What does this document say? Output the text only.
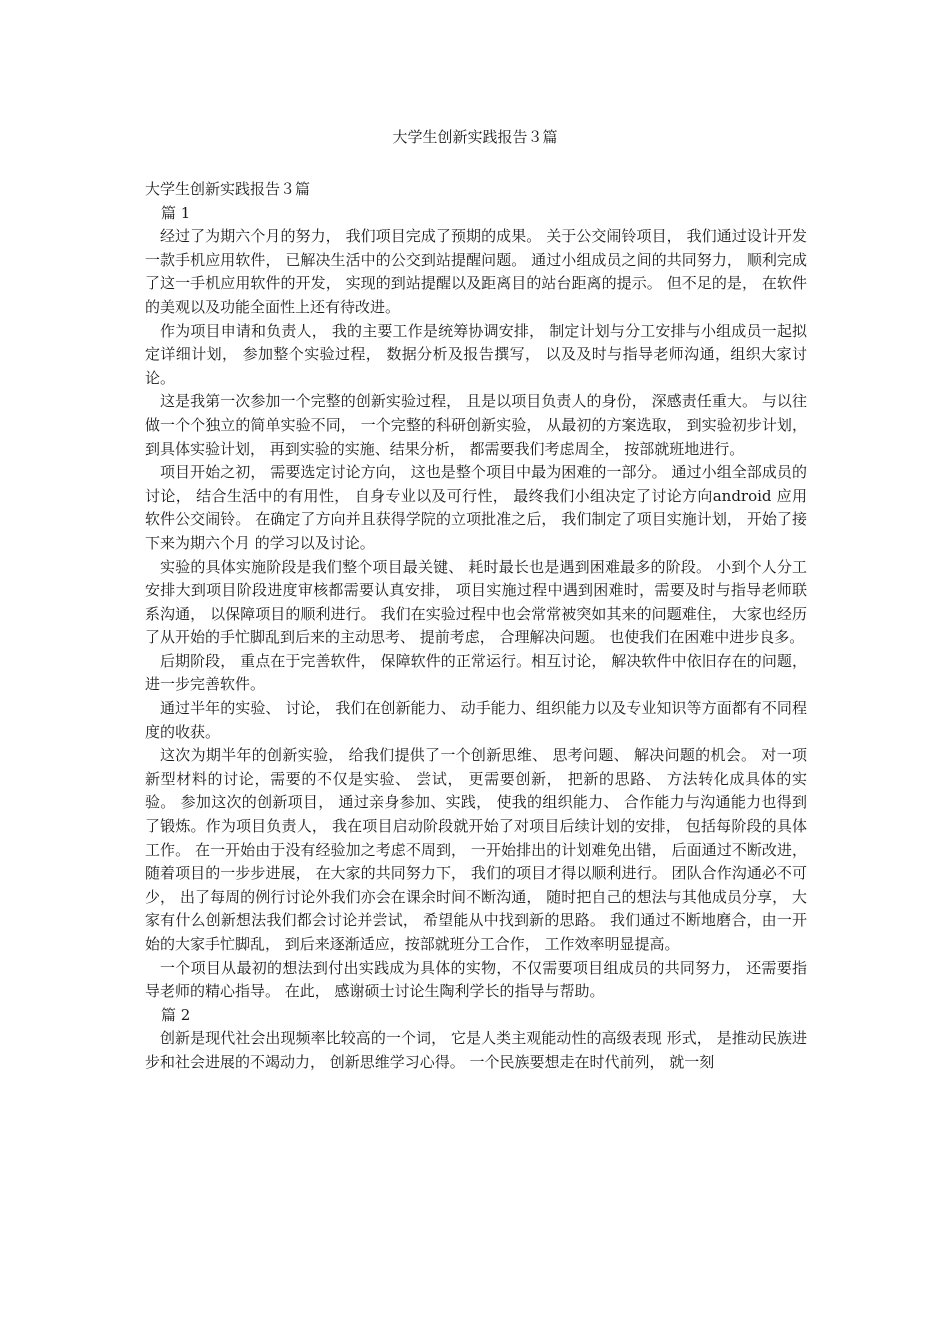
大学生创新实践报告３篇

大学生创新实践报告３篇

篇 1

经过了为期六个月的努力， 我们项目完成了预期的成果。 关于公交闹铃项目， 我们通过设计开发一款手机应用软件， 已解决生活中的公交到站提醒问题。 通过小组成员之间的共同努力， 顺利完成了这一手机应用软件的开发， 实现的到站提醒以及距离目的站台距离的提示。 但不足的是， 在软件的美观以及功能全面性上还有待改进。

作为项目申请和负责人， 我的主要工作是统筹协调安排， 制定计划与分工安排与小组成员一起拟定详细计划， 参加整个实验过程， 数据分析及报告撰写， 以及及时与指导老师沟通，组织大家讨论。

这是我第一次参加一个完整的创新实验过程， 且是以项目负责人的身份， 深感责任重大。 与以往做一个个独立的简单实验不同， 一个完整的科研创新实验， 从最初的方案选取， 到实验初步计划， 到具体实验计划， 再到实验的实施、结果分析， 都需要我们考虑周全， 按部就班地进行。

项目开始之初， 需要选定讨论方向， 这也是整个项目中最为困难的一部分。 通过小组全部成员的讨论， 结合生活中的有用性， 自身专业以及可行性， 最终我们小组决定了讨论方向android 应用软件公交闹铃。 在确定了方向并且获得学院的立项批准之后， 我们制定了项目实施计划， 开始了接下来为期六个月 的学习以及讨论。

实验的具体实施阶段是我们整个项目最关键、 耗时最长也是遇到困难最多的阶段。 小到个人分工安排大到项目阶段进度审核都需要认真安排， 项目实施过程中遇到困难时，需要及时与指导老师联系沟通， 以保障项目的顺利进行。 我们在实验过程中也会常常被突如其来的问题难住， 大家也经历了从开始的手忙脚乱到后来的主动思考、 提前考虑， 合理解决问题。 也使我们在困难中进步良多。

后期阶段， 重点在于完善软件， 保障软件的正常运行。相互讨论， 解决软件中依旧存在的问题， 进一步完善软件。

通过半年的实验、 讨论， 我们在创新能力、 动手能力、组织能力以及专业知识等方面都有不同程度的收获。

这次为期半年的创新实验， 给我们提供了一个创新思维、 思考问题、 解决问题的机会。 对一项新型材料的讨论，需要的不仅是实验、 尝试， 更需要创新， 把新的思路、 方法转化成具体的实验。 参加这次的创新项目， 通过亲身参加、实践， 使我的组织能力、 合作能力与沟通能力也得到了锻炼。作为项目负责人， 我在项目启动阶段就开始了对项目后续计划的安排， 包括每阶段的具体工作。 在一开始由于没有经验加之考虑不周到， 一开始排出的计划难免出错， 后面通过不断改进， 随着项目的一步步进展， 在大家的共同努力下， 我们的项目才得以顺利进行。 团队合作沟通必不可少， 出了每周的例行讨论外我们亦会在课余时间不断沟通， 随时把自己的想法与其他成员分享， 大家有什么创新想法我们都会讨论并尝试， 希望能从中找到新的思路。 我们通过不断地磨合，由一开始的大家手忙脚乱， 到后来逐渐适应，按部就班分工合作， 工作效率明显提高。

一个项目从最初的想法到付出实践成为具体的实物，不仅需要项目组成员的共同努力， 还需要指导老师的精心指导。 在此， 感谢硕士讨论生陶利学长的指导与帮助。

篇 2

创新是现代社会出现频率比较高的一个词， 它是人类主观能动性的高级表现 形式， 是推动民族进步和社会进展的不竭动力， 创新思维学习心得。 一个民族要想走在时代前列， 就一刻
